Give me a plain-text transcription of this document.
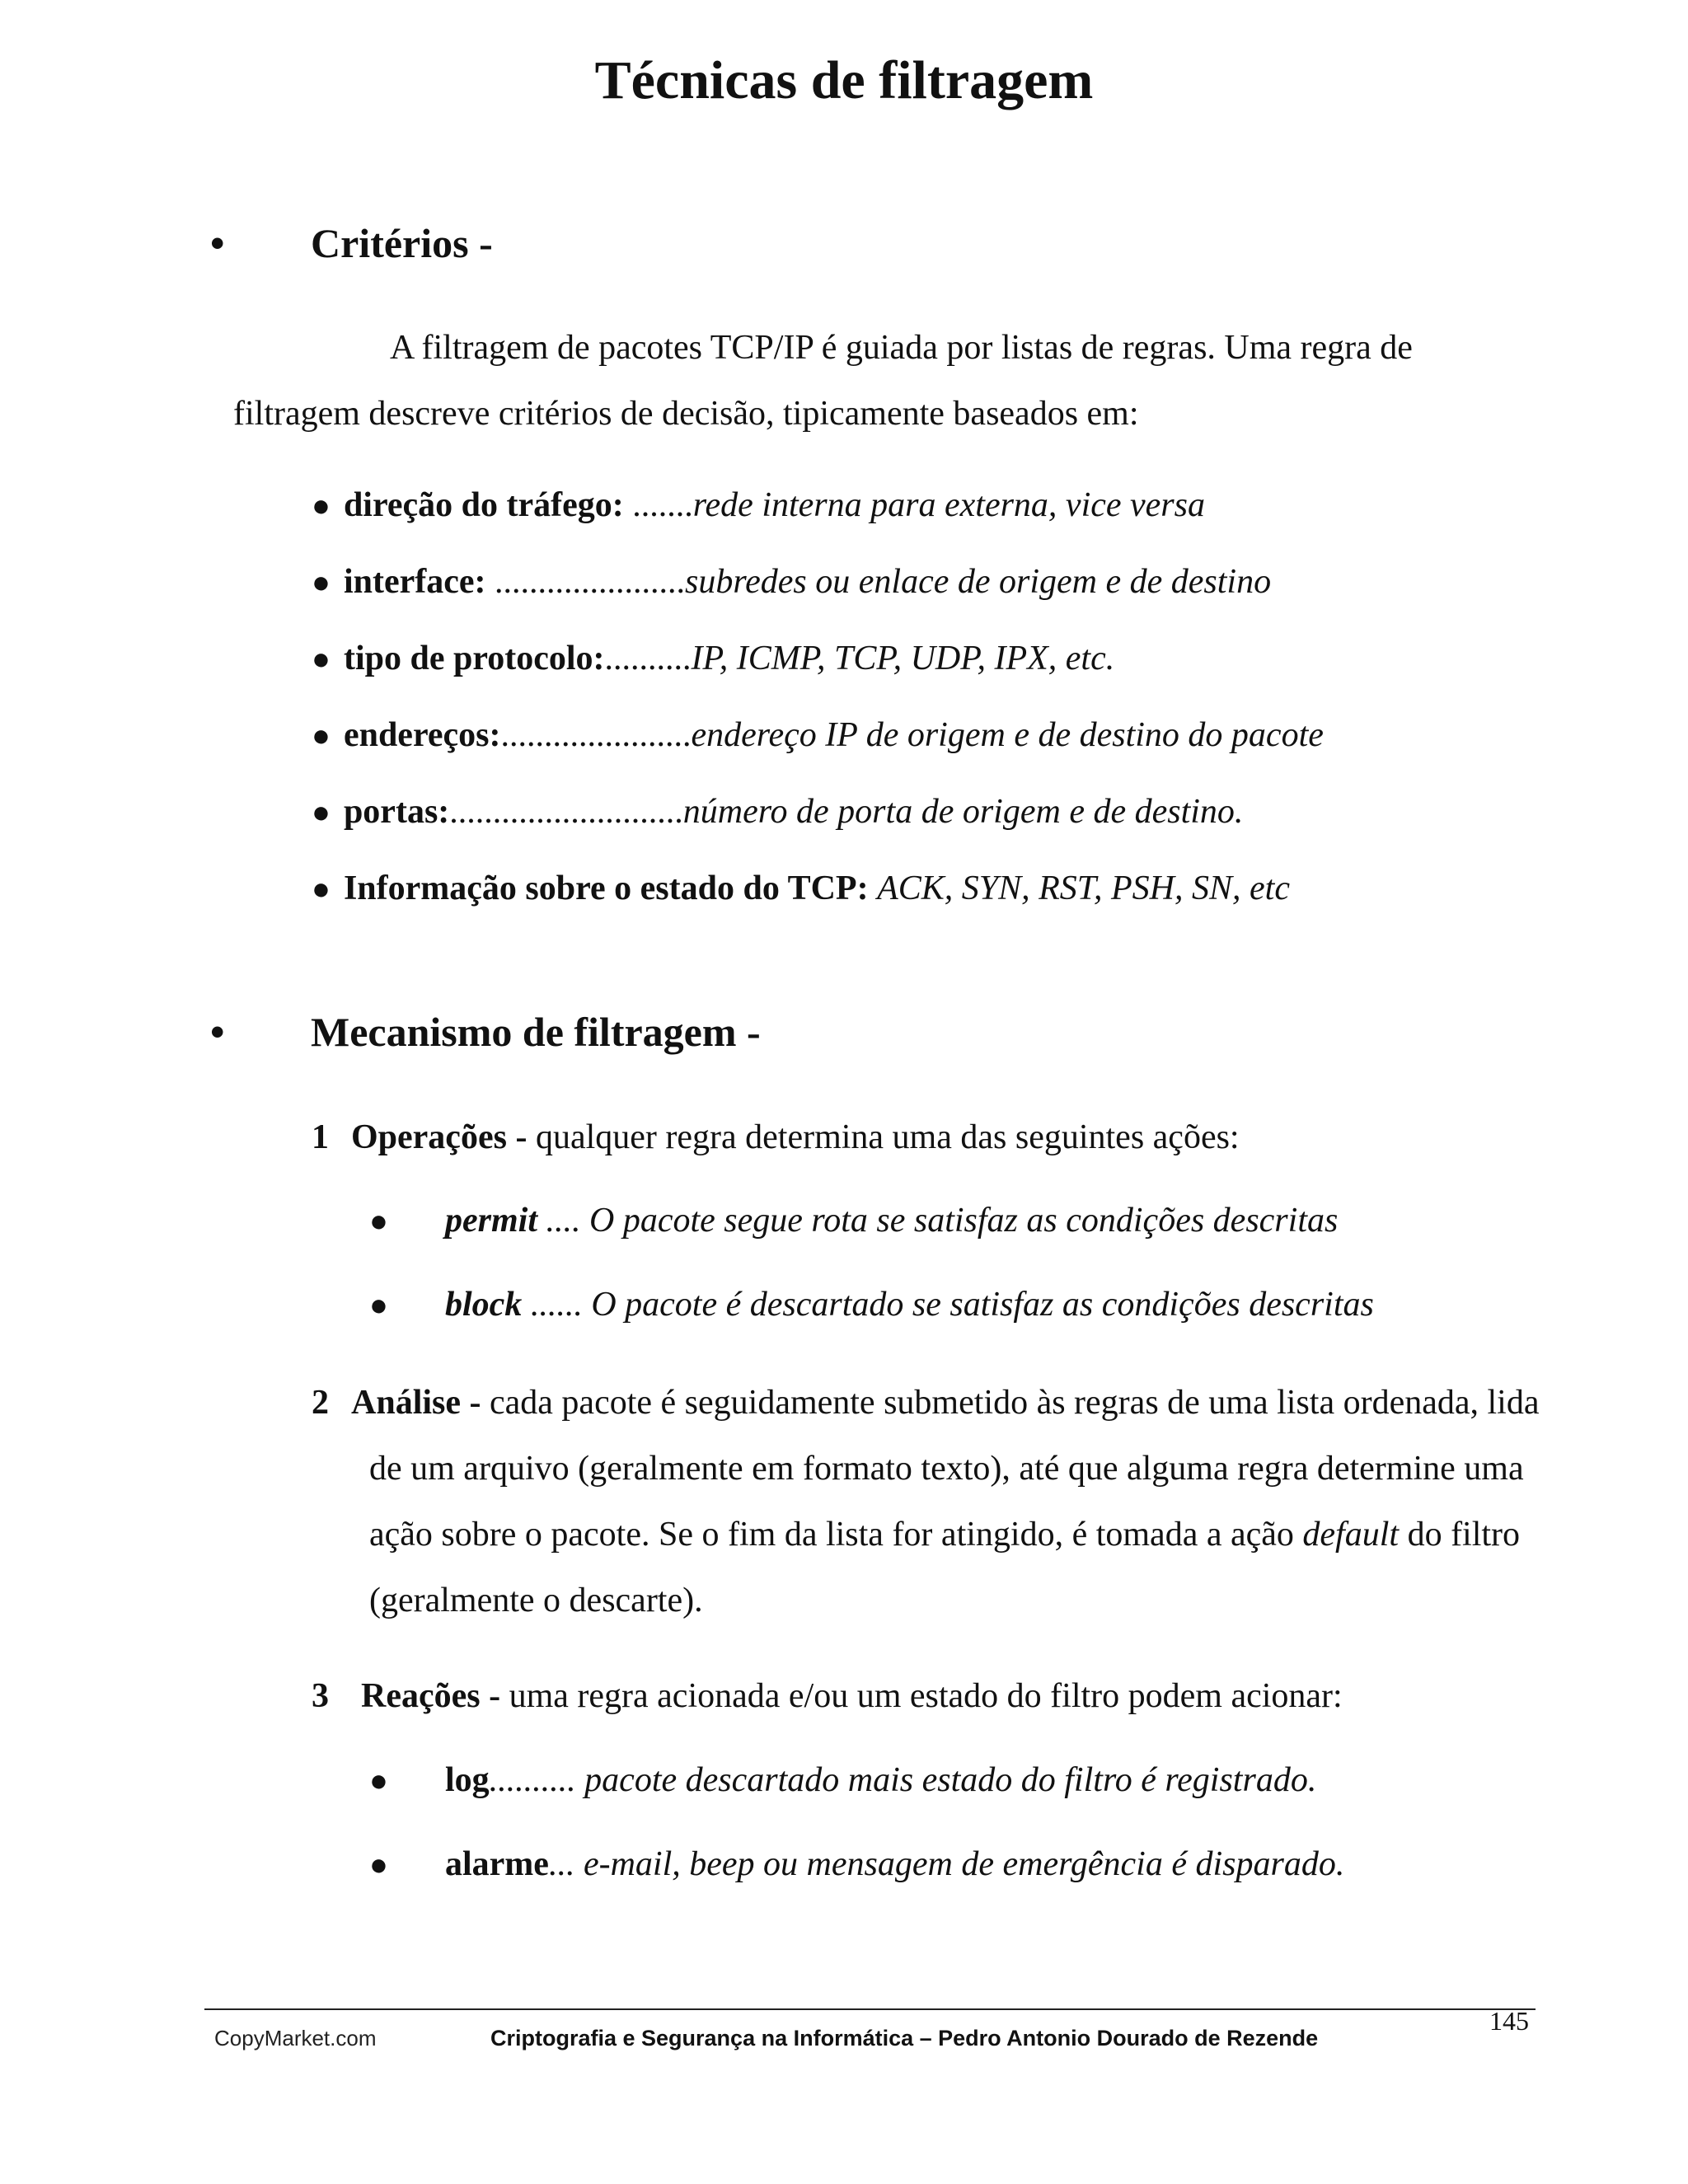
Técnicas de filtragem
•	Critérios -
A filtragem de pacotes TCP/IP é guiada por listas de regras. Uma regra de
filtragem descreve critérios de decisão, tipicamente baseados em:
● direção do tráfego: .......rede interna para externa, vice versa
● interface: ......................subredes ou enlace de origem e de destino
● tipo de protocolo:..........IP, ICMP, TCP, UDP, IPX, etc.
● endereços:......................endereço IP de origem e de destino do pacote
● portas:...........................número de porta de origem e de destino.
● Informação sobre o estado do TCP: ACK, SYN, RST, PSH, SN, etc
•	Mecanismo de filtragem -
1 Operações - qualquer regra determina uma das seguintes ações:
● permit .... O pacote segue rota se satisfaz as condições descritas
● block ...... O pacote é descartado se satisfaz as condições descritas
2 Análise - cada pacote é seguidamente submetido às regras de uma lista ordenada, lida de um arquivo (geralmente em formato texto), até que alguma regra determine uma ação sobre o pacote. Se o fim da lista for atingido, é tomada a ação default do filtro (geralmente o descarte).
3 Reações - uma regra acionada e/ou um estado do filtro podem acionar:
● log.......... pacote descartado mais estado do filtro é registrado.
● alarme... e-mail, beep ou mensagem de emergência é disparado.
145
CopyMarket.com	Criptografia e Segurança na Informática – Pedro Antonio Dourado de Rezende
